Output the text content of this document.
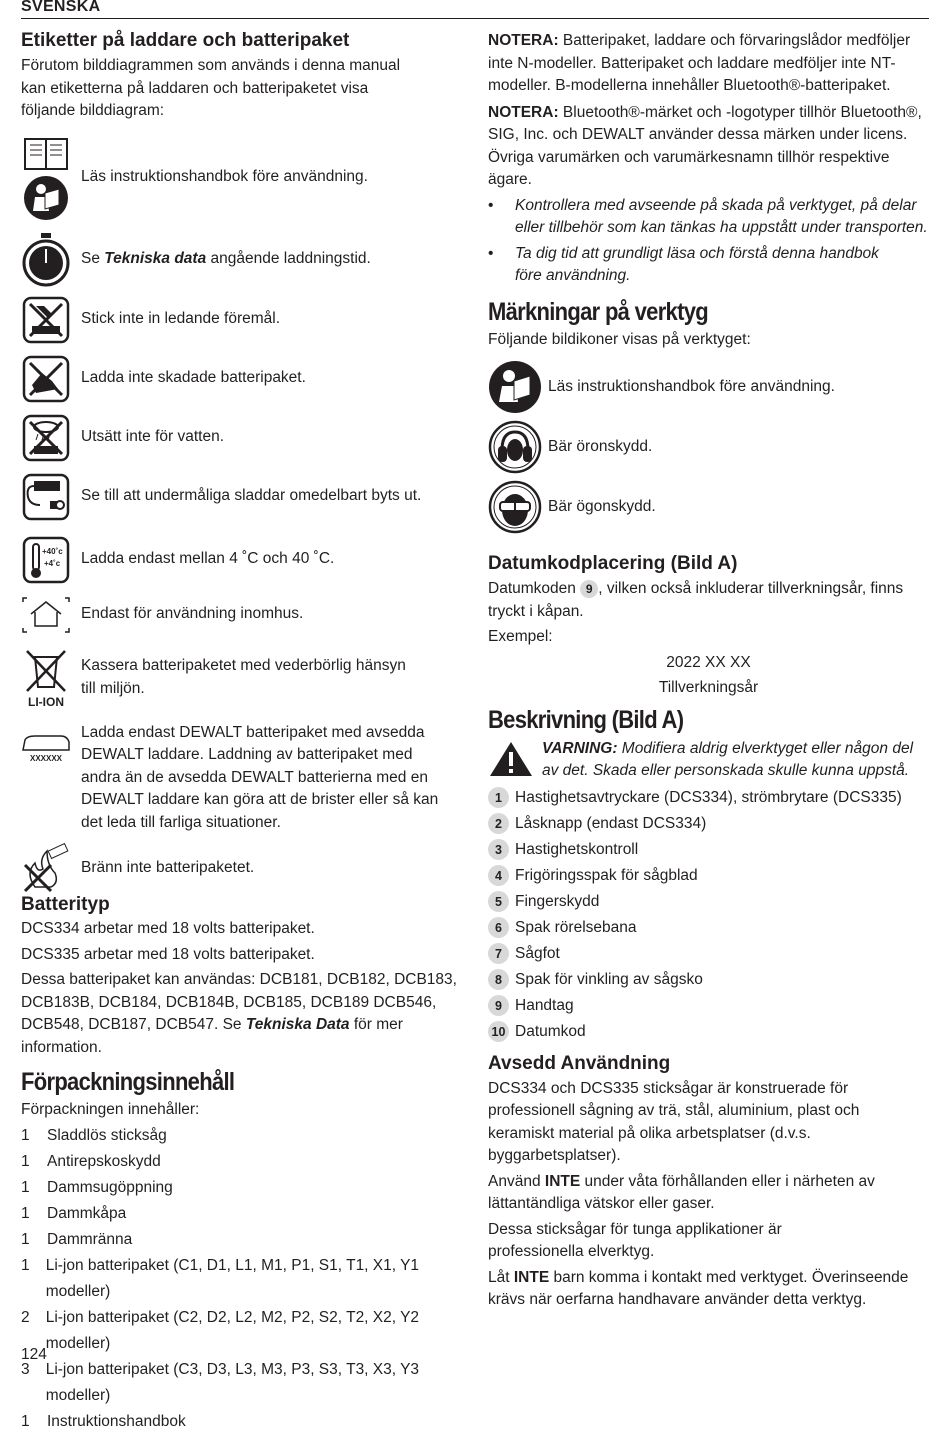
SVENSKA
Etiketter på laddare och batteripaket

Förutom bilddiagrammen som används i denna manual kan etiketterna på laddaren och batteripaketet visa följande bilddiagram:

Läs instruktionshandbok före användning.
Se Tekniska data angående laddningstid.
Stick inte in ledande föremål.
Ladda inte skadade batteripaket.
Utsätt inte för vatten.
Se till att undermåliga sladdar omedelbart byts ut.
+40˚c
+4˚c Ladda endast mellan 4 ˚C och 40 ˚C.
Endast för användning inomhus.
LI-ION
Kassera batteripaketet med vederbörlig hänsyn till miljön.
XXXXXX
Ladda endast DEWALT batteripaket med avsedda DEWALT laddare. Laddning av batteripaket med andra än de avsedda DEWALT batterierna med en DEWALT laddare kan göra att de brister eller så kan det leda till farliga situationer.
Bränn inte batteripaketet.
Batterityp

DCS334 arbetar med 18 volts batteripaket.

DCS335 arbetar med 18 volts batteripaket.

Dessa batteripaket kan användas: DCB181, DCB182, DCB183, DCB183B, DCB184, DCB184B, DCB185, DCB189 DCB546, DCB548, DCB187, DCB547. Se Tekniska Data för mer information.

Förpackningsinnehåll

Förpackningen innehåller:

1	Sladdlös sticksåg
1	Antirepskoskydd
1	Dammsugöppning
1	Dammkåpa
1	Dammränna
1	Li-jon batteripaket (C1, D1, L1, M1, P1, S1, T1, X1, Y1 modeller)
2	Li-jon batteripaket (C2, D2, L2, M2, P2, S2, T2, X2, Y2 modeller)
3	Li-jon batteripaket (C3, D3, L3, M3, P3, S3, T3, X3, Y3 modeller)
1	Instruktionshandbok

NOTERA: Batteripaket, laddare och förvaringslådor medföljer inte N-modeller. Batteripaket och laddare medföljer inte NT-modeller. B-modellerna innehåller Bluetooth®-batteripaket.

NOTERA: Bluetooth®-märket och -logotyper tillhör Bluetooth®, SIG, Inc. och DEWALT använder dessa märken under licens. Övriga varumärken och varumärkesnamn tillhör respektive ägare.

•	Kontrollera med avseende på skada på verktyget, på delar eller tillbehör som kan tänkas ha uppstått under transporten.
•	Ta dig tid att grundligt läsa och förstå denna handbok före användning.
Märkningar på verktyg

Följande bildikoner visas på verktyget:

Läs instruktionshandbok före användning.
Bär öronskydd.
Bär ögonskydd.
Datumkodplacering (Bild A)

Datumkoden 9 , vilken också inkluderar tillverkningsår, finns tryckt i kåpan.

Exempel:

2022 XX XX

Tillverkningsår

Beskrivning (Bild A)
VARNING: Modifiera aldrig elverktyget eller någon del av det. Skada eller personskada skulle kunna uppstå.
1 Hastighetsavtryckare (DCS334), strömbrytare (DCS335)
2 Låsknapp (endast DCS334)
3 Hastighetskontroll
4 Frigöringsspak för sågblad
5 Fingerskydd
6 Spak rörelsebana
7 Sågfot
8 Spak för vinkling av sågsko
9 Handtag
10 Datumkod
Avsedd Användning

DCS334 och DCS335 sticksågar är konstruerade för professionell sågning av trä, stål, aluminium, plast och keramiskt material på olika arbetsplatser (d.v.s. byggarbetsplatser).

Använd INTE under våta förhållanden eller i närheten av lättantändliga vätskor eller gaser.

Dessa sticksågar för tunga applikationer är professionella elverktyg.

Låt INTE barn komma i kontakt med verktyget. Överinseende krävs när oerfarna handhavare använder detta verktyg.

124
